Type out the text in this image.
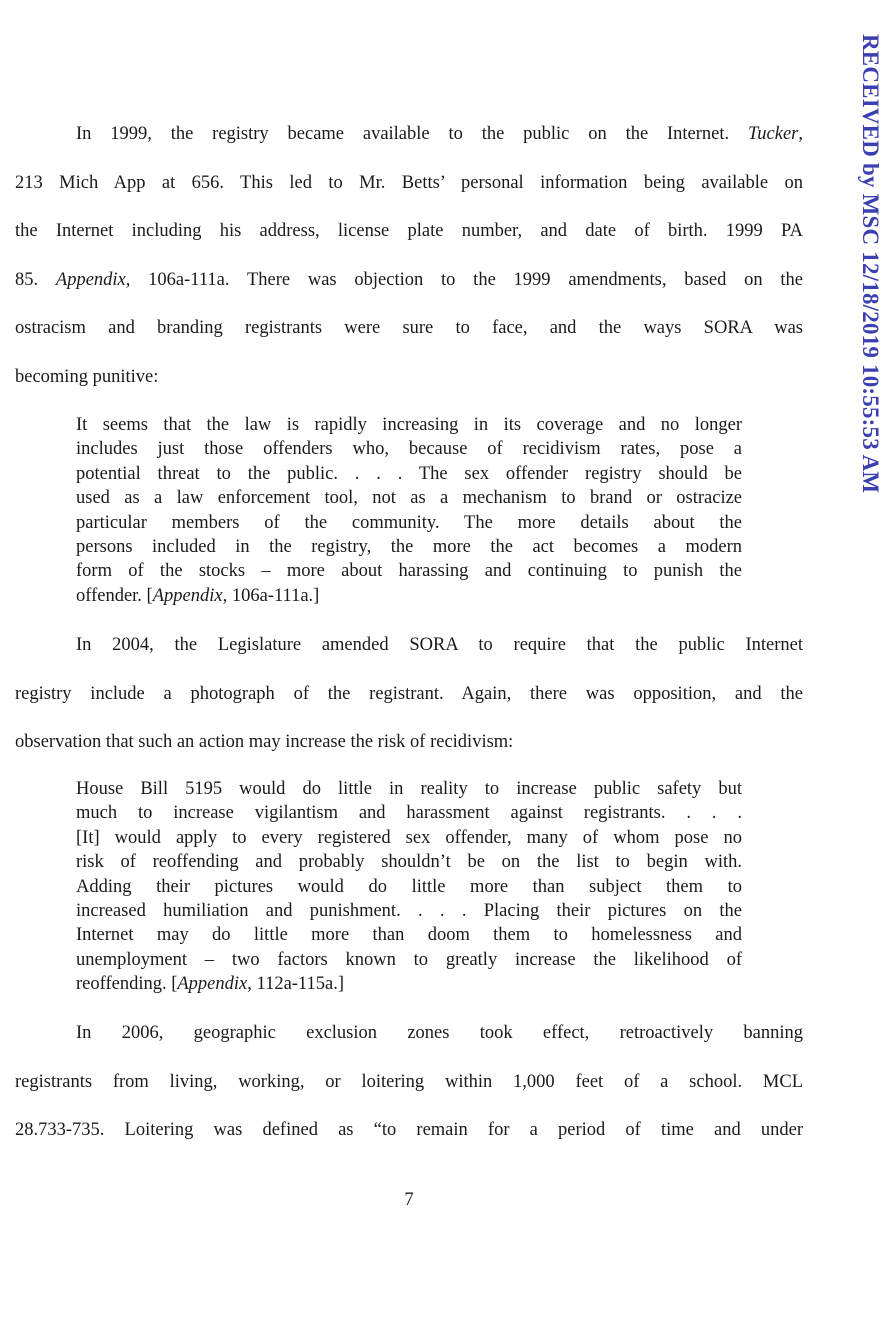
RECEIVED by MSC 12/18/2019 10:55:53 AM
In 1999, the registry became available to the public on the Internet. Tucker,
213 Mich App at 656. This led to Mr. Betts’ personal information being available on
the Internet including his address, license plate number, and date of birth. 1999 PA
85. Appendix, 106a-111a. There was objection to the 1999 amendments, based on the
ostracism and branding registrants were sure to face, and the ways SORA was
becoming punitive:
It seems that the law is rapidly increasing in its coverage and no longer
includes just those offenders who, because of recidivism rates, pose a
potential threat to the public. . . . The sex offender registry should be
used as a law enforcement tool, not as a mechanism to brand or ostracize
particular members of the community. The more details about the
persons included in the registry, the more the act becomes a modern
form of the stocks – more about harassing and continuing to punish the
offender. [Appendix, 106a-111a.]
In 2004, the Legislature amended SORA to require that the public Internet
registry include a photograph of the registrant. Again, there was opposition, and the
observation that such an action may increase the risk of recidivism:
House Bill 5195 would do little in reality to increase public safety but
much to increase vigilantism and harassment against registrants. . . .
[It] would apply to every registered sex offender, many of whom pose no
risk of reoffending and probably shouldn’t be on the list to begin with.
Adding their pictures would do little more than subject them to
increased humiliation and punishment. . . . Placing their pictures on the
Internet may do little more than doom them to homelessness and
unemployment – two factors known to greatly increase the likelihood of
reoffending. [Appendix, 112a-115a.]
In 2006, geographic exclusion zones took effect, retroactively banning
registrants from living, working, or loitering within 1,000 feet of a school. MCL
28.733-735. Loitering was defined as “to remain for a period of time and under
7
